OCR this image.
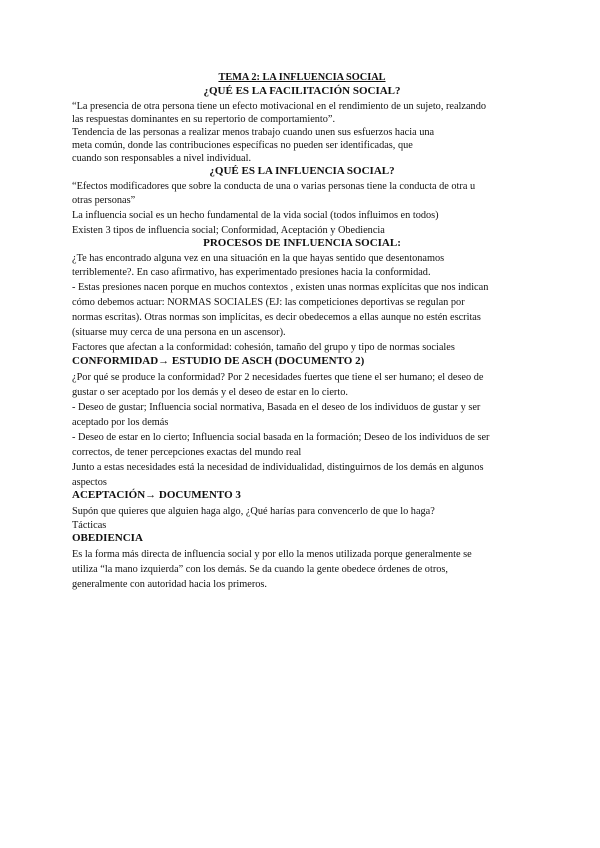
TEMA 2: LA INFLUENCIA SOCIAL

¿QUÉ ES LA FACILITACIÓN SOCIAL?

“La presencia de otra persona tiene un efecto motivacional en el rendimiento de un sujeto, realzando

las respuestas dominantes en su repertorio de comportamiento”.

Tendencia de las personas a realizar menos trabajo cuando unen sus esfuerzos hacia una

meta común, donde las contribuciones específicas no pueden ser identificadas, que

cuando son responsables a nivel individual.

¿QUÉ ES LA INFLUENCIA SOCIAL?

“Efectos modificadores que sobre la conducta de una o varias personas tiene la conducta de otra u

otras personas”

La influencia social es un hecho fundamental de la vida social (todos influimos en todos)

Existen 3 tipos de influencia social; Conformidad, Aceptación y Obediencia

PROCESOS DE INFLUENCIA SOCIAL:

¿Te has encontrado alguna vez en una situación en la que hayas sentido que desentonamos

terriblemente?. En caso afirmativo, has experimentado presiones hacia la conformidad.

- Estas presiones nacen porque en muchos contextos , existen unas normas explícitas que nos indican

cómo debemos actuar: NORMAS SOCIALES (EJ: las competiciones deportivas se regulan por

normas escritas). Otras normas son implícitas, es decir obedecemos a ellas aunque no estén escritas

(situarse muy cerca de una persona en un ascensor).

Factores que afectan a la conformidad: cohesión, tamaño del grupo y tipo de normas sociales

CONFORMIDAD→ ESTUDIO DE ASCH (DOCUMENTO 2)

¿Por qué se produce la conformidad? Por 2 necesidades fuertes que tiene el ser humano; el deseo de

gustar o ser aceptado por los demás y el deseo de estar en lo cierto.

- Deseo de gustar; Influencia social normativa, Basada en el deseo de los individuos de gustar y ser

aceptado por los demás

- Deseo de estar en lo cierto; Influencia social basada en la formación; Deseo de los individuos de ser

correctos, de tener percepciones exactas del mundo real

Junto a estas necesidades está la necesidad de individualidad, distinguirnos de los demás en algunos

aspectos

ACEPTACIÓN→ DOCUMENTO 3

Supón que quieres que alguien haga algo, ¿Qué harías para convencerlo de que lo haga?

Tácticas

OBEDIENCIA

Es la forma más directa de influencia social y por ello la menos utilizada porque generalmente se

utiliza “la mano izquierda” con los demás. Se da cuando la gente obedece órdenes de otros,

generalmente con autoridad hacia los primeros.
